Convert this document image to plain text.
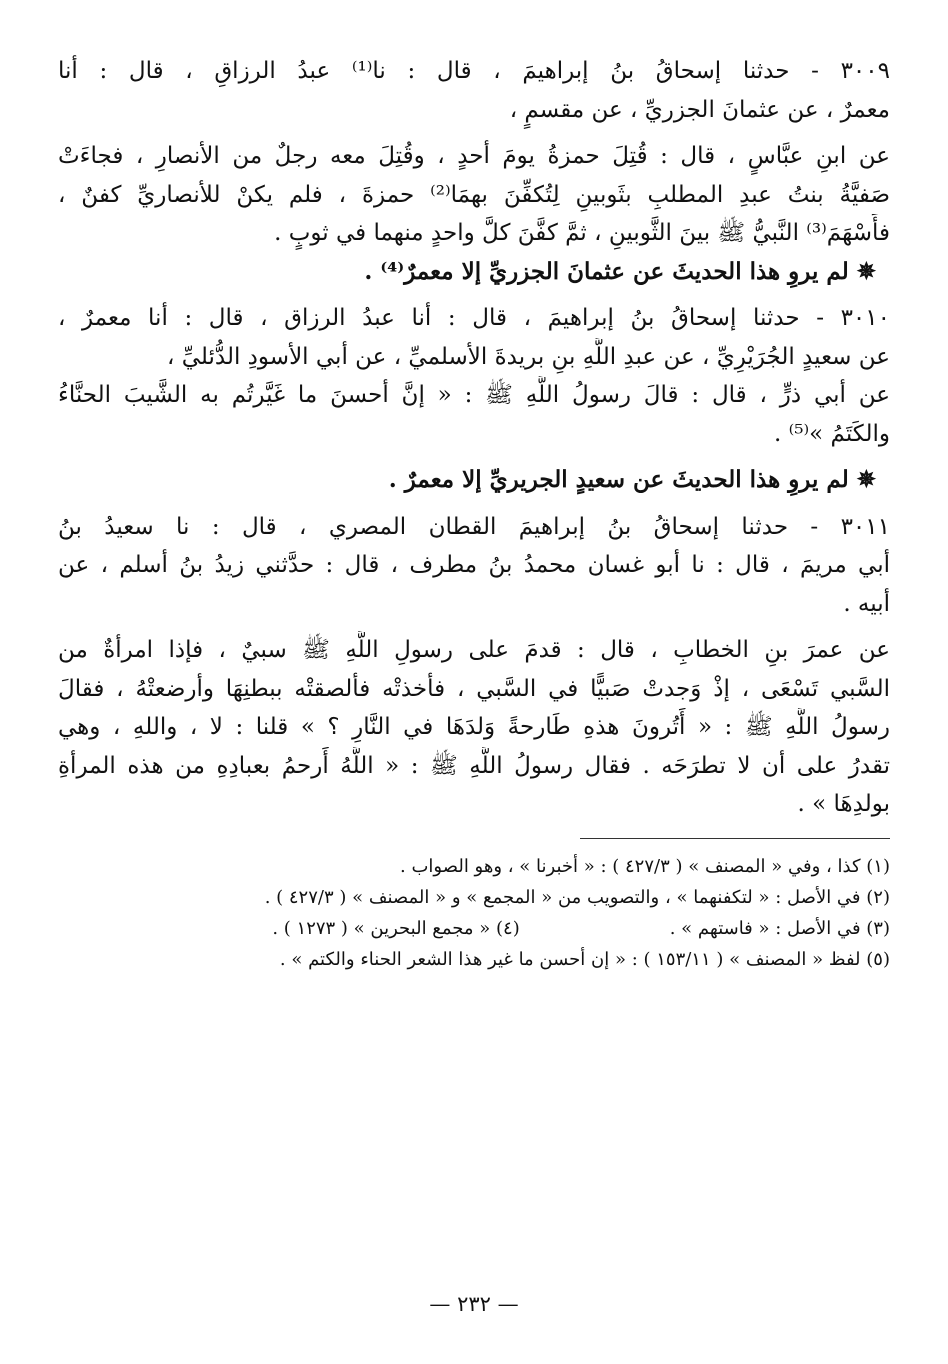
٣٠٠٩ - حدثنا إسحاقُ بنُ إبراهيمَ ، قال : نا⁽¹⁾ عبدُ الرزاقِ ، قال : أنا
معمرٌ ، عن عثمانَ الجزريِّ ، عن مقسمٍ ،
عن ابنِ عبَّاسٍ ، قال : قُتِلَ حمزةُ يومَ أحدٍ ، وقُتِلَ معه رجلٌ من الأنصارِ ، فجاءَتْ
صَفيَّةُ بنتُ عبدِ المطلبِ بثَوبينِ لِتُكفِّنَ بهمَا⁽²⁾ حمزةَ ، فلم يكنْ للأنصاريِّ كفنٌ ،
فأَسْهَمَ⁽³⁾ النَّبيُّ ﷺ بينَ الثَّوبينِ ، ثمَّ كفَّنَ كلَّ واحدٍ منهما في ثوبٍ .
✵ لم يروِ هذا الحديثَ عن عثمانَ الجزريِّ إلا معمرٌ⁽⁴⁾ .
٣٠١٠ - حدثنا إسحاقُ بنُ إبراهيمَ ، قال : أنا عبدُ الرزاق ، قال : أنا معمرٌ ،
عن سعيدٍ الجُرَيْرِيِّ ، عن عبدِ اللَّهِ بنِ بريدةَ الأسلميِّ ، عن أبي الأسودِ الدُّئليِّ ،
عن أبي ذرٍّ ، قال : قالَ رسولُ اللَّهِ ﷺ : « إنَّ أحسنَ ما غَيَّرتُم به الشَّيبَ الحنَّاءُ
والكَتَمُ »⁽⁵⁾ .
✵ لم يروِ هذا الحديثَ عن سعيدٍ الجريريِّ إلا معمرٌ .
٣٠١١ - حدثنا إسحاقُ بنُ إبراهيمَ القطان المصري ، قال : نا سعيدُ بنُ
أبي مريمَ ، قال : نا أبو غسان محمدُ بنُ مطرف ، قال : حدَّثني زيدُ بنُ أسلم ، عن
أبيه .
عن عمرَ بنِ الخطابِ ، قال : قدمَ على رسولِ اللَّهِ ﷺ سبيٌ ، فإذا امرأةٌ من
السَّبي تَسْعَى ، إذْ وَجدتْ صَبيًّا في السَّبي ، فأخذتْه فألصقتْه ببطنِهَا وأرضعتْهُ ، فقالَ
رسولُ اللَّهِ ﷺ : « أَتُرونَ هذهِ طَارحةً وَلدَهَا في النَّارِ ؟ » قلنا : لا ، واللهِ ، وهي
تقدرُ على أن لا تطرَحَه . فقال رسولُ اللَّهِ ﷺ : « اللَّهُ أَرحمُ بعبادِهِ من هذه المرأةِ
بولدِهَا » .
(١) كذا ، وفي « المصنف » ( ٤٢٧/٣ ) : « أخبرنا » ، وهو الصواب .
(٢) في الأصل : « لتكفنهما » ، والتصويب من « المجمع » و « المصنف » ( ٤٢٧/٣ ) .
(٣) في الأصل : « فاستهم » .
(٤) « مجمع البحرين » ( ١٢٧٣ ) .
(٥) لفظ « المصنف » ( ١٥٣/١١ ) : « إن أحسن ما غير هذا الشعر الحناء والكتم » .
— ٢٣٢ —
